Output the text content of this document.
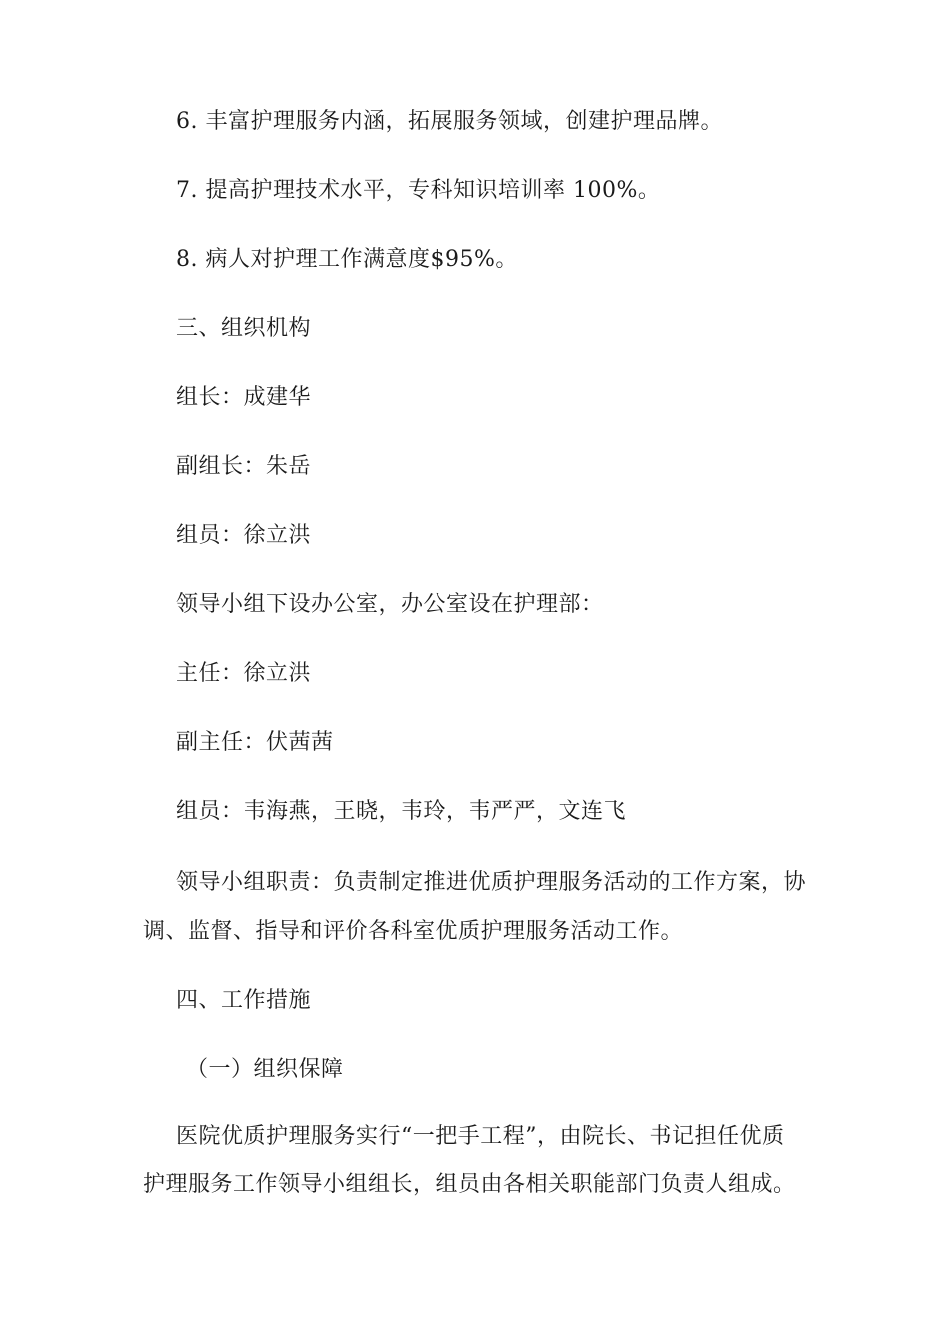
6. 丰富护理服务内涵，拓展服务领域，创建护理品牌。
7. 提高护理技术水平，专科知识培训率 100%。
8. 病人对护理工作满意度$95%。
三、组织机构
组长：成建华
副组长：朱岳
组员：徐立洪
领导小组下设办公室，办公室设在护理部：
主任：徐立洪
副主任：伏茜茜
组员：韦海燕，王晓，韦玲，韦严严，文连飞
领导小组职责：负责制定推进优质护理服务活动的工作方案，协
调、监督、指导和评价各科室优质护理服务活动工作。
四、工作措施
（一）组织保障
医院优质护理服务实行“一把手工程”，由院长、书记担任优质
护理服务工作领导小组组长，组员由各相关职能部门负责人组成。
